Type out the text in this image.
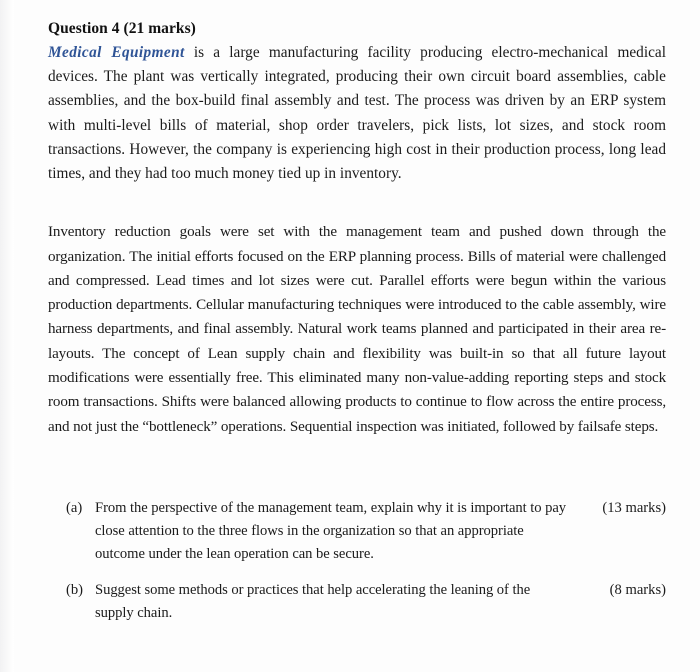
Question 4 (21 marks)

Medical Equipment is a large manufacturing facility producing electro-mechanical medical devices. The plant was vertically integrated, producing their own circuit board assemblies, cable assemblies, and the box-build final assembly and test. The process was driven by an ERP system with multi-level bills of material, shop order travelers, pick lists, lot sizes, and stock room transactions. However, the company is experiencing high cost in their production process, long lead times, and they had too much money tied up in inventory.

Inventory reduction goals were set with the management team and pushed down through the organization. The initial efforts focused on the ERP planning process. Bills of material were challenged and compressed. Lead times and lot sizes were cut. Parallel efforts were begun within the various production departments. Cellular manufacturing techniques were introduced to the cable assembly, wire harness departments, and final assembly. Natural work teams planned and participated in their area re-layouts. The concept of Lean supply chain and flexibility was built-in so that all future layout modifications were essentially free. This eliminated many non-value-adding reporting steps and stock room transactions. Shifts were balanced allowing products to continue to flow across the entire process, and not just the “bottleneck” operations. Sequential inspection was initiated, followed by failsafe steps.

(a) From the perspective of the management team, explain why it is important to pay close attention to the three flows in the organization so that an appropriate outcome under the lean operation can be secure.
(13 marks)
(b) Suggest some methods or practices that help accelerating the leaning of the supply chain.
(8 marks)
